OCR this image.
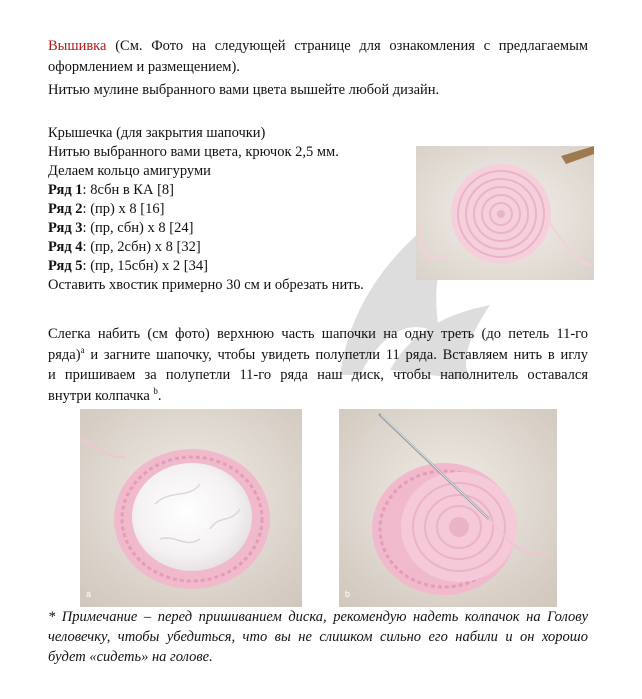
Вышивка (См. Фото на следующей странице для ознакомления с предлагаемым
оформлением и размещением).
Нитью мулине выбранного вами цвета вышейте любой дизайн.
Крышечка (для закрытия шапочки)
Нитью выбранного вами цвета, крючок 2,5 мм.
Делаем кольцо амигуруми
Ряд 1: 8сбн в КА [8]
Ряд 2: (пр) х 8 [16]
Ряд 3: (пр, сбн) х 8 [24]
Ряд 4: (пр, 2сбн) х 8 [32]
Ряд 5: (пр, 15сбн) х 2 [34]
Оставить хвостик примерно 30 см и обрезать нить.
Слегка набить (см фото) верхнюю часть шапочки на одну треть (до петель 11-го
ряда)$^a$ и загните шапочку, чтобы увидеть полупетли 11 ряда. Вставляем нить в иглу
и пришиваем за полупетли 11-го ряда наш диск, чтобы наполнитель оставался
внутри колпачка $^b$.
a	b
* Примечание – перед пришиванием диска, рекомендую надеть колпачок на Голову
человечку, чтобы убедиться, что вы не слишком сильно его набили и он хорошо
будет «сидеть» на голове.
